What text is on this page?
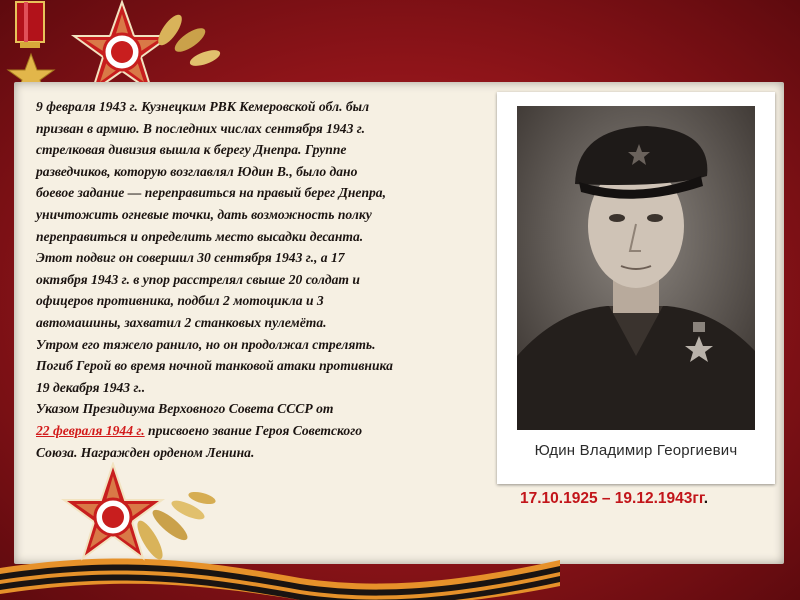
9 февраля 1943 г. Кузнецким РВК Кемеровской обл. был

призван в армию. В последних числах сентября 1943 г.

стрелковая дивизия вышла к берегу Днепра. Группе

разведчиков, которую возглавлял Юдин В., было дано

боевое задание — переправиться на правый берег Днепра,

уничтожить огневые точки, дать возможность полку

переправиться и определить место высадки десанта.

Этот подвиг он совершил 30 сентября 1943 г., а 17

октября 1943 г. в упор расстрелял свыше 20 солдат и

офицеров противника, подбил 2 мотоцикла и 3

автомашины, захватил 2 станковых пулемёта.

Утром его тяжело ранило, но он продолжал стрелять.

Погиб Герой во время ночной танковой атаки противника

19 декабря 1943 г..

Указом Президиума Верховного Совета СССР от

22 февраля 1944 г. присвоено звание Героя Советского

Союза. Награжден орденом Ленина.	Юдин Владимир Георгиевич
17.10.1925 – 19.12.1943гг.
